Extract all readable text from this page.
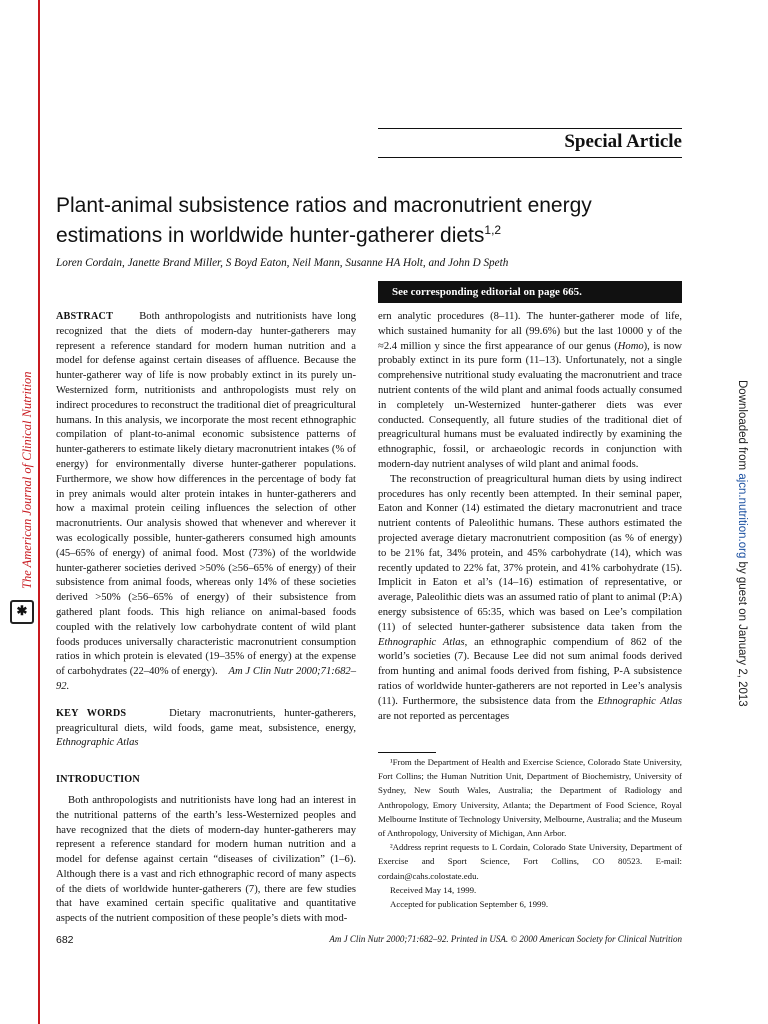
The American Journal of Clinical Nutrition
✱
Downloaded from ajcn.nutrition.org by guest on January 2, 2013
Special Article
Plant-animal subsistence ratios and macronutrient energy estimations in worldwide hunter-gatherer diets$^{1,2}$
Loren Cordain, Janette Brand Miller, S Boyd Eaton, Neil Mann, Susanne HA Holt, and John D Speth
See corresponding editorial on page 665.

ABSTRACT Both anthropologists and nutritionists have long recognized that the diets of modern-day hunter-gatherers may represent a reference standard for modern human nutrition and a model for defense against certain diseases of affluence. Because the hunter-gatherer way of life is now probably extinct in its purely un-Westernized form, nutritionists and anthropologists must rely on indirect procedures to reconstruct the traditional diet of preagricultural humans. In this analysis, we incorporate the most recent ethnographic compilation of plant-to-animal economic subsistence patterns of hunter-gatherers to estimate likely dietary macronutrient intakes (% of energy) for environmentally diverse hunter-gatherer populations. Furthermore, we show how differences in the percentage of body fat in prey animals would alter protein intakes in hunter-gatherers and how a maximal protein ceiling influences the selection of other macronutrients. Our analysis showed that whenever and wherever it was ecologically possible, hunter-gatherers consumed high amounts (45–65% of energy) of animal food. Most (73%) of the worldwide hunter-gatherer societies derived >50% (≥56–65% of energy) of their subsistence from animal foods, whereas only 14% of these societies derived >50% (≥56–65% of energy) of their subsistence from gathered plant foods. This high reliance on animal-based foods coupled with the relatively low carbohydrate content of wild plant foods produces universally characteristic macronutrient consumption ratios in which protein is elevated (19–35% of energy) at the expense of carbohydrates (22–40% of energy). Am J Clin Nutr 2000;71:682–92.

KEY WORDS	Dietary macronutrients, hunter-gatherers, preagricultural diets, wild foods, game meat, subsistence, energy, Ethnographic Atlas

INTRODUCTION

Both anthropologists and nutritionists have long had an interest in the nutritional patterns of the earth’s less-Westernized peoples and have recognized that the diets of modern-day hunter-gatherers may represent a reference standard for modern human nutrition and a model for defense against certain “diseases of civilization” (1–6). Although there is a vast and rich ethnographic record of many aspects of the diets of worldwide hunter-gatherers (7), there are few studies that have examined certain specific qualitative and quantitative aspects of the nutrient composition of these people’s diets with mod-

ern analytic procedures (8–11). The hunter-gatherer mode of life, which sustained humanity for all (99.6%) but the last 10000 y of the ≈2.4 million y since the first appearance of our genus (Homo), is now probably extinct in its pure form (11–13). Unfortunately, not a single comprehensive nutritional study evaluating the macronutrient and trace nutrient contents of the wild plant and animal foods actually consumed in completely un-Westernized hunter-gatherer diets was ever conducted. Consequently, all future studies of the traditional diet of preagricultural humans must be evaluated indirectly by examining the ethnographic, fossil, or archaeologic records in conjunction with modern-day nutrient analyses of wild plant and animal foods.

The reconstruction of preagricultural human diets by using indirect procedures has only recently been attempted. In their seminal paper, Eaton and Konner (14) estimated the dietary macronutrient and trace nutrient contents of Paleolithic humans. These authors estimated the projected average dietary macronutrient composition (as % of energy) to be 21% fat, 34% protein, and 45% carbohydrate (14), which was recently updated to 22% fat, 37% protein, and 41% carbohydrate (15). Implicit in Eaton et al’s (14–16) estimation of representative, or average, Paleolithic diets was an assumed ratio of plant to animal (P:A) energy subsistence of 65:35, which was based on Lee’s compilation (11) of selected hunter-gatherer subsistence data taken from the Ethnographic Atlas, an ethnographic compendium of 862 of the world’s societies (7). Because Lee did not sum animal foods derived from hunting and animal foods derived from fishing, P-A subsistence ratios of worldwide hunter-gatherers are not reported in Lee’s analysis (11). Furthermore, the subsistence data from the Ethnographic Atlas are not reported as percentages

¹From the Department of Health and Exercise Science, Colorado State University, Fort Collins; the Human Nutrition Unit, Department of Biochemistry, University of Sydney, New South Wales, Australia; the Department of Radiology and Anthropology, Emory University, Atlanta; the Department of Food Science, Royal Melbourne Institute of Technology University, Melbourne, Australia; and the Museum of Anthropology, University of Michigan, Ann Arbor.

²Address reprint requests to L Cordain, Colorado State University, Department of Exercise and Sport Science, Fort Collins, CO 80523. E-mail: cordain@cahs.colostate.edu.

Received May 14, 1999.

Accepted for publication September 6, 1999.

682	Am J Clin Nutr 2000;71:682–92. Printed in USA. © 2000 American Society for Clinical Nutrition
